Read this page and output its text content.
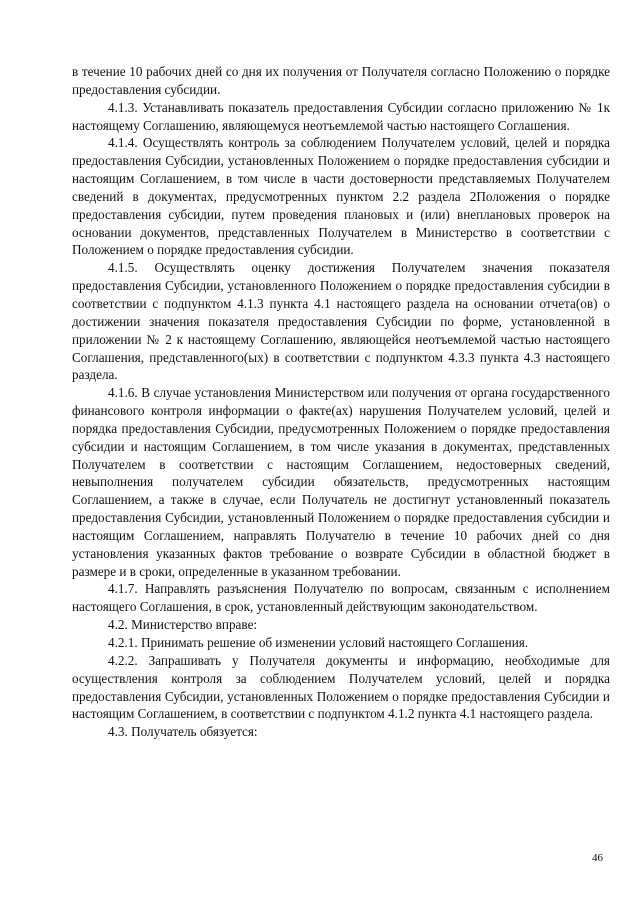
в течение 10 рабочих дней со дня их получения от Получателя согласно Положению о порядке предоставления субсидии.

4.1.3. Устанавливать показатель предоставления Субсидии согласно приложению № 1к настоящему Соглашению, являющемуся неотъемлемой частью настоящего Соглашения.

4.1.4. Осуществлять контроль за соблюдением Получателем условий, целей и порядка предоставления Субсидии, установленных Положением о порядке предоставления субсидии и настоящим Соглашением, в том числе в части достоверности представляемых Получателем сведений в документах, предусмотренных пунктом 2.2 раздела 2Положения о порядке предоставления субсидии, путем проведения плановых и (или) внеплановых проверок на основании документов, представленных Получателем в Министерство в соответствии с Положением о порядке предоставления субсидии.

4.1.5. Осуществлять оценку достижения Получателем значения показателя предоставления Субсидии, установленного Положением о порядке предоставления субсидии в соответствии с подпунктом 4.1.3 пункта 4.1 настоящего раздела на основании отчета(ов) о достижении значения показателя предоставления Субсидии по форме, установленной в приложении № 2 к настоящему Соглашению, являющейся неотъемлемой частью настоящего Соглашения, представленного(ых) в соответствии с подпунктом 4.3.3 пункта 4.3 настоящего раздела.

4.1.6. В случае установления Министерством или получения от органа государственного финансового контроля информации о факте(ах) нарушения Получателем условий, целей и порядка предоставления Субсидии, предусмотренных Положением о порядке предоставления субсидии и настоящим Соглашением, в том числе указания в документах, представленных Получателем в соответствии с настоящим Соглашением, недостоверных сведений, невыполнения получателем субсидии обязательств, предусмотренных настоящим Соглашением, а также в случае, если Получатель не достигнут установленный показатель предоставления Субсидии, установленный Положением о порядке предоставления субсидии и настоящим Соглашением, направлять Получателю в течение 10 рабочих дней со дня установления указанных фактов требование о возврате Субсидии в областной бюджет в размере и в сроки, определенные в указанном требовании.

4.1.7. Направлять разъяснения Получателю по вопросам, связанным с исполнением настоящего Соглашения, в срок, установленный действующим законодательством.

4.2. Министерство вправе:

4.2.1. Принимать решение об изменении условий настоящего Соглашения.

4.2.2. Запрашивать у Получателя документы и информацию, необходимые для осуществления контроля за соблюдением Получателем условий, целей и порядка предоставления Субсидии, установленных Положением о порядке предоставления Субсидии и настоящим Соглашением, в соответствии с подпунктом 4.1.2 пункта 4.1 настоящего раздела.

4.3. Получатель обязуется:

46
